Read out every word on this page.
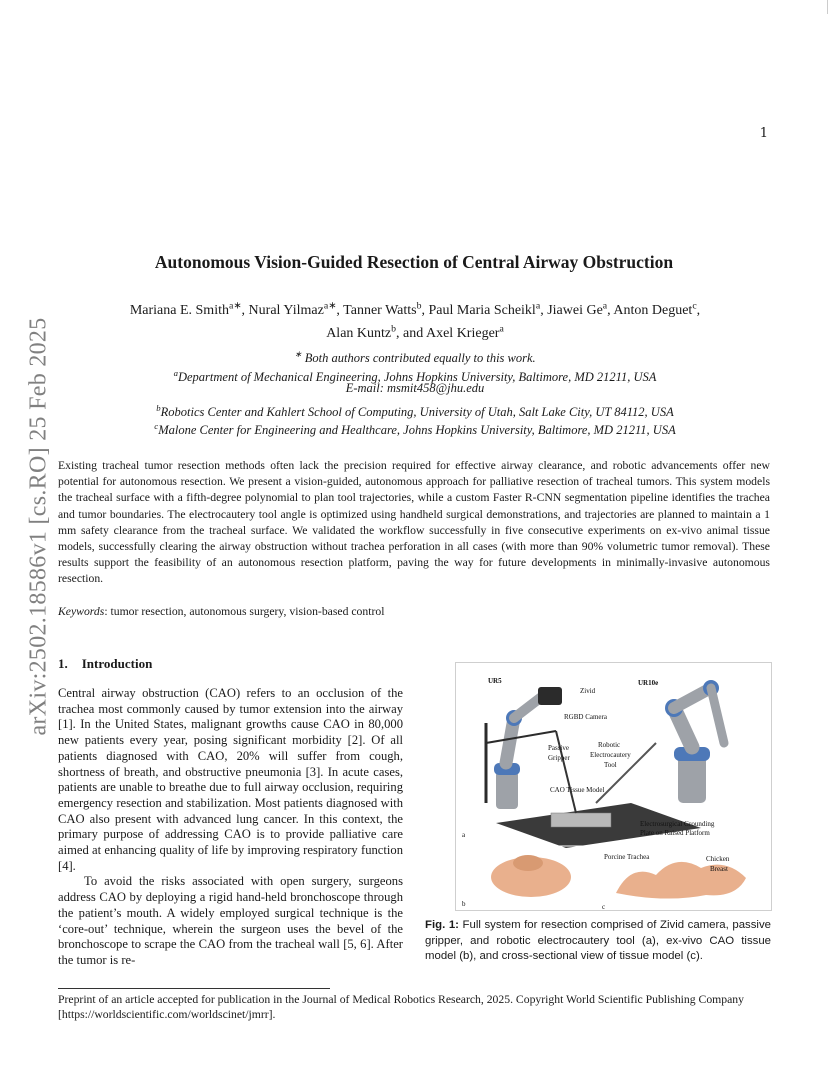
1
arXiv:2502.18586v1 [cs.RO] 25 Feb 2025
Autonomous Vision-Guided Resection of Central Airway Obstruction
Mariana E. Smith$^{a∗}$, Nural Yilmaz$^{a∗}$, Tanner Watts$^b$, Paul Maria Scheikl$^a$, Jiawei Ge$^a$, Anton Deguet$^c$,
Alan Kuntz$^b$, and Axel Krieger$^a$
∗ Both authors contributed equally to this work.
$^a$Department of Mechanical Engineering, Johns Hopkins University, Baltimore, MD 21211, USA
E-mail: msmit458@jhu.edu
$^b$Robotics Center and Kahlert School of Computing, University of Utah, Salt Lake City, UT 84112, USA
$^c$Malone Center for Engineering and Healthcare, Johns Hopkins University, Baltimore, MD 21211, USA
Existing tracheal tumor resection methods often lack the precision required for effective airway clearance, and robotic advancements offer new potential for autonomous resection. We present a vision-guided, autonomous approach for palliative resection of tracheal tumors. This system models the tracheal surface with a fifth-degree polynomial to plan tool trajectories, while a custom Faster R-CNN segmentation pipeline identifies the trachea and tumor boundaries. The electrocautery tool angle is optimized using handheld surgical demonstrations, and trajectories are planned to maintain a 1 mm safety clearance from the tracheal surface. We validated the workflow successfully in five consecutive experiments on ex-vivo animal tissue models, successfully clearing the airway obstruction without trachea perforation in all cases (with more than 90% volumetric tumor removal). These results support the feasibility of an autonomous resection platform, paving the way for future developments in minimally-invasive autonomous resection.
Keywords: tumor resection, autonomous surgery, vision-based control
1. Introduction

Central airway obstruction (CAO) refers to an occlusion of the trachea most commonly caused by tumor extension into the airway [1]. In the United States, malignant growths cause CAO in 80,000 new patients every year, posing significant morbidity [2]. Of all patients diagnosed with CAO, 20% will suffer from cough, shortness of breath, and obstructive pneumonia [3]. In acute cases, patients are unable to breathe due to full airway occlusion, requiring emergency resection and stabilization. Most patients diagnosed with CAO also present with advanced lung cancer. In this context, the primary purpose of addressing CAO is to provide palliative care aimed at enhancing quality of life by improving respiratory function [4].

To avoid the risks associated with open surgery, surgeons address CAO by deploying a rigid hand-held bronchoscope through the patient’s mouth. A widely employed surgical technique is the ‘core-out’ technique, wherein the surgeon uses the bevel of the bronchoscope to scrape the CAO from the tracheal wall [5, 6]. After the tumor is re-

UR5	UR10e
Zivid
RGBD Camera
Passive
Gripper
Robotic
Electrocautery
Tool
CAO Tissue Model
Electrosurgical Grounding
Plate on Raised Platform
Porcine Trachea	Chicken
Breast
a
b	c
Fig. 1: Full system for resection comprised of Zivid camera, passive gripper, and robotic electrocautery tool (a), ex-vivo CAO tissue model (b), and cross-sectional view of tissue model (c).
Preprint of an article accepted for publication in the Journal of Medical Robotics Research, 2025. Copyright World Scientific Publishing Company [https://worldscientific.com/worldscinet/jmrr].
